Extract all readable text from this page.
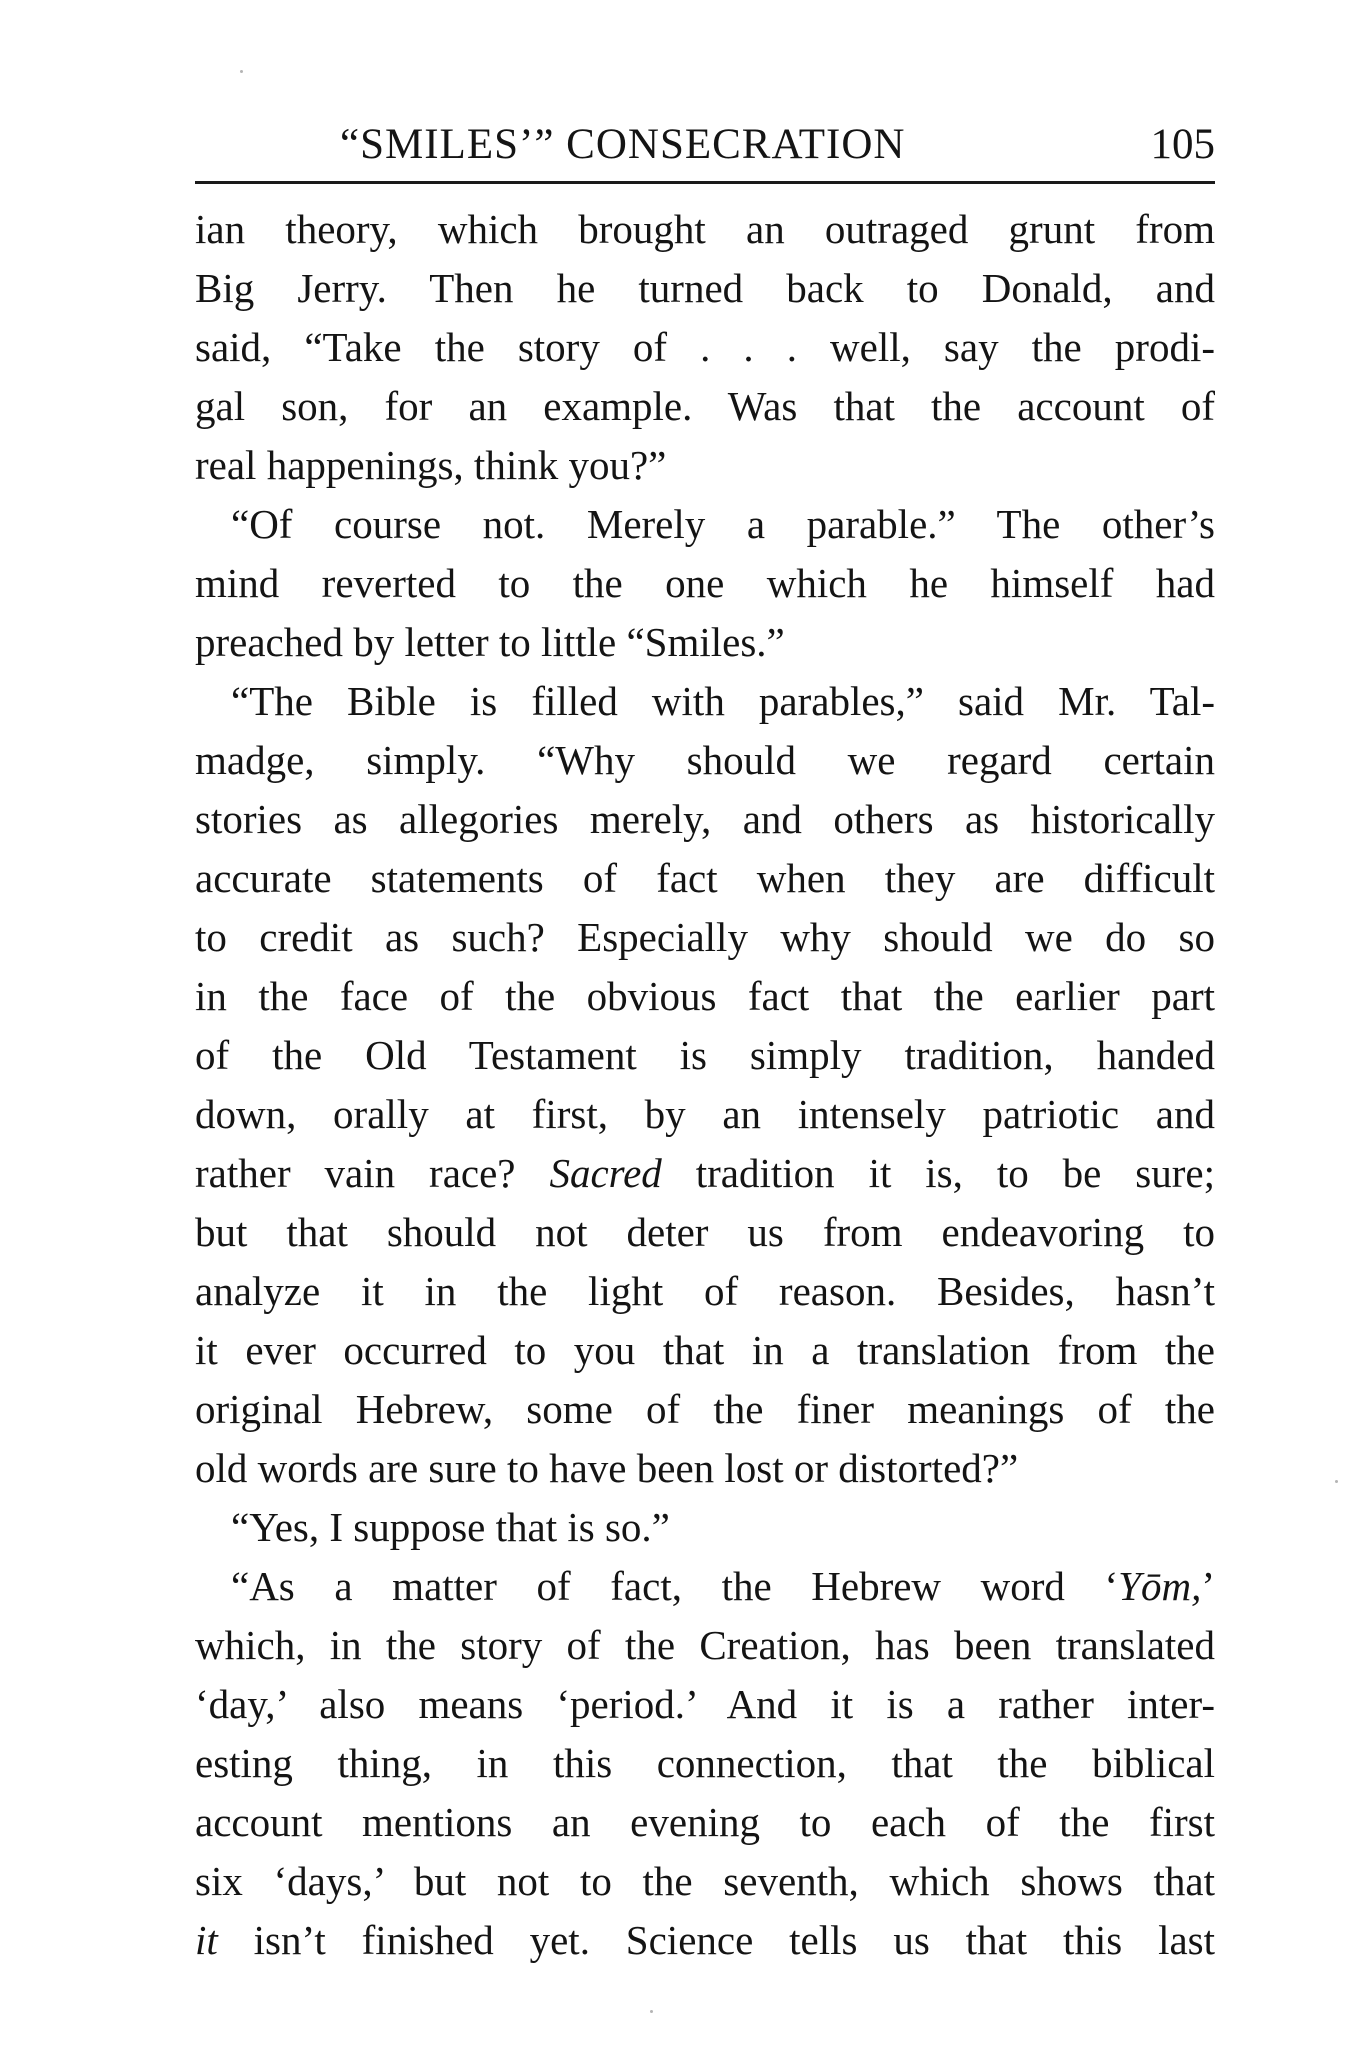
“SMILES’” CONSECRATION	105
ian theory, which brought an outraged grunt from
Big Jerry. Then he turned back to Donald, and
said, “Take the story of . . . well, say the prodi-
gal son, for an example. Was that the account of
real happenings, think you?”
“Of course not. Merely a parable.” The other’s
mind reverted to the one which he himself had
preached by letter to little “Smiles.”
“The Bible is filled with parables,” said Mr. Tal-
madge, simply. “Why should we regard certain
stories as allegories merely, and others as historically
accurate statements of fact when they are difficult
to credit as such? Especially why should we do so
in the face of the obvious fact that the earlier part
of the Old Testament is simply tradition, handed
down, orally at first, by an intensely patriotic and
rather vain race? Sacred tradition it is, to be sure;
but that should not deter us from endeavoring to
analyze it in the light of reason. Besides, hasn’t
it ever occurred to you that in a translation from the
original Hebrew, some of the finer meanings of the
old words are sure to have been lost or distorted?”
“Yes, I suppose that is so.”
“As a matter of fact, the Hebrew word ‘Yōm,’
which, in the story of the Creation, has been translated
‘day,’ also means ‘period.’ And it is a rather inter-
esting thing, in this connection, that the biblical
account mentions an evening to each of the first
six ‘days,’ but not to the seventh, which shows that
it isn’t finished yet. Science tells us that this last
